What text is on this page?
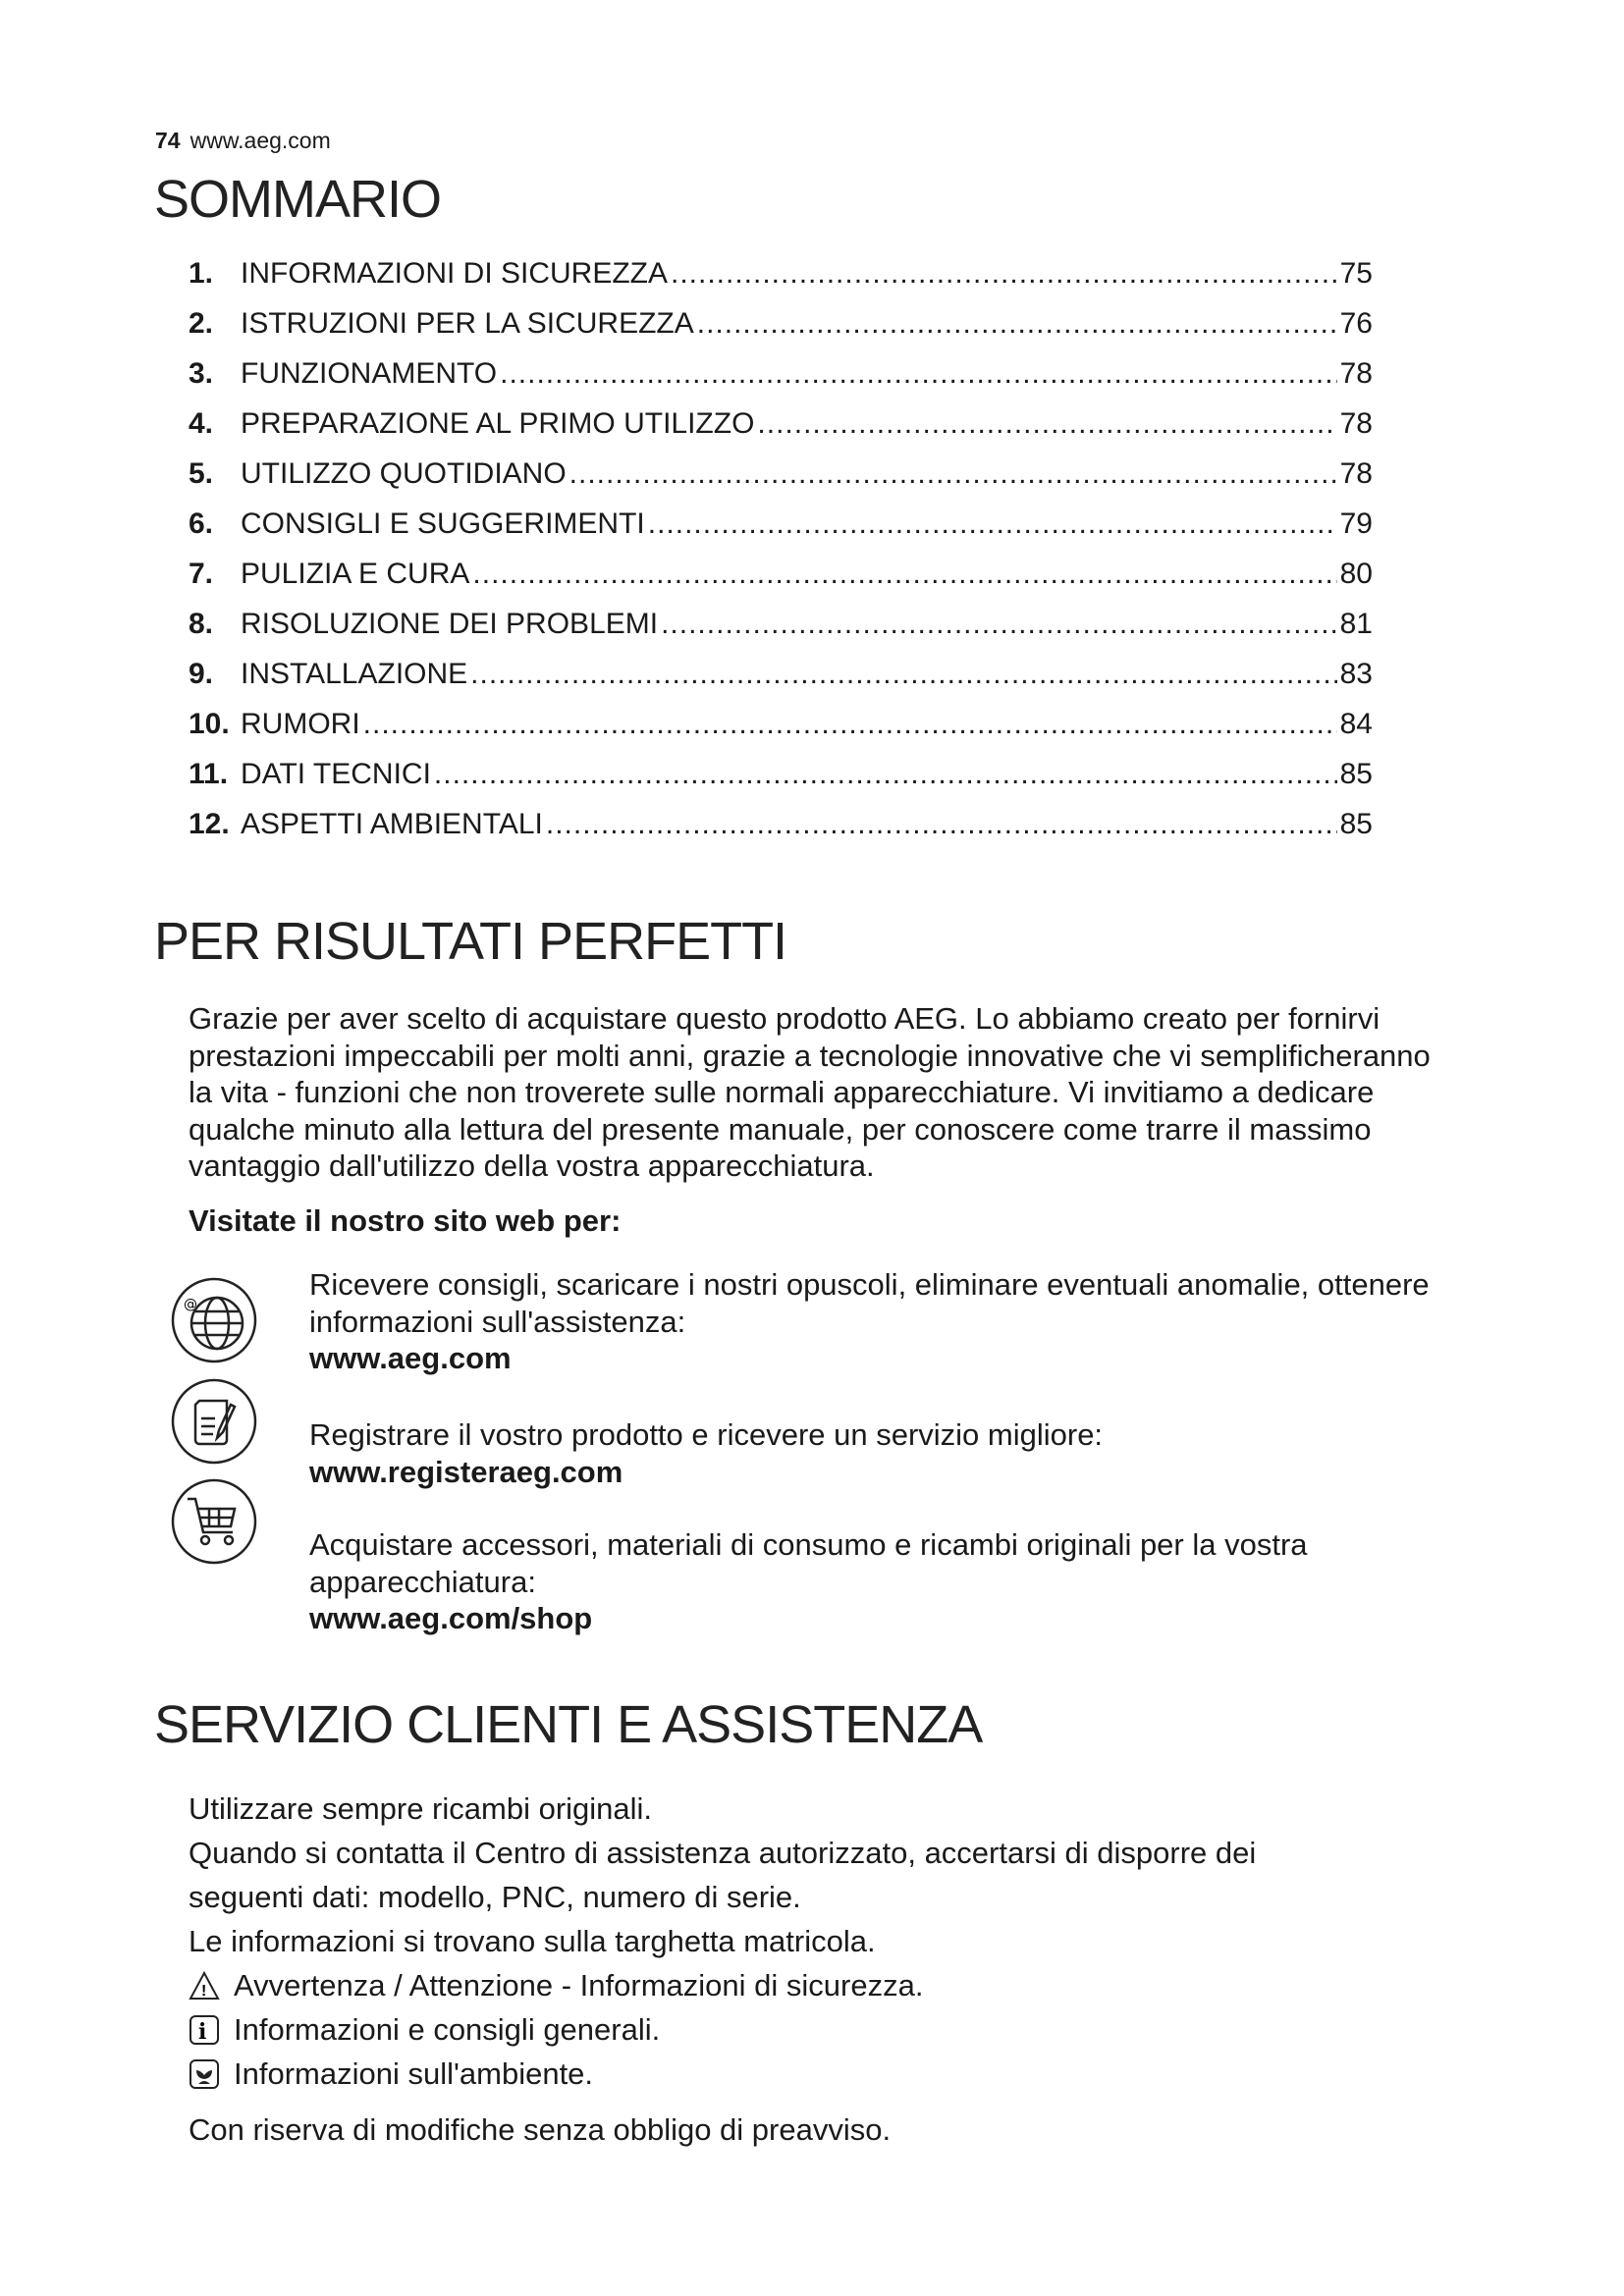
74 www.aeg.com
SOMMARIO
1. INFORMAZIONI DI SICUREZZA .....	75
2. ISTRUZIONI PER LA SICUREZZA .....	76
3. FUNZIONAMENTO .....	78
4. PREPARAZIONE AL PRIMO UTILIZZO .....	78
5. UTILIZZO QUOTIDIANO .....	78
6. CONSIGLI E SUGGERIMENTI .....	79
7. PULIZIA E CURA .....	80
8. RISOLUZIONE DEI PROBLEMI .....	81
9. INSTALLAZIONE .....	83
10. RUMORI .....	84
11. DATI TECNICI .....	85
12. ASPETTI AMBIENTALI .....	85
PER RISULTATI PERFETTI
Grazie per aver scelto di acquistare questo prodotto AEG. Lo abbiamo creato per fornirvi prestazioni impeccabili per molti anni, grazie a tecnologie innovative che vi semplificheranno la vita - funzioni che non troverete sulle normali apparecchiature. Vi invitiamo a dedicare qualche minuto alla lettura del presente manuale, per conoscere come trarre il massimo vantaggio dall'utilizzo della vostra apparecchiatura.
Visitate il nostro sito web per:
@
Ricevere consigli, scaricare i nostri opuscoli, eliminare eventuali anomalie, ottenere informazioni sull'assistenza:
www.aeg.com
Registrare il vostro prodotto e ricevere un servizio migliore:
www.registeraeg.com
Acquistare accessori, materiali di consumo e ricambi originali per la vostra apparecchiatura:
www.aeg.com/shop
SERVIZIO CLIENTI E ASSISTENZA
Utilizzare sempre ricambi originali.
Quando si contatta il Centro di assistenza autorizzato, accertarsi di disporre dei seguenti dati: modello, PNC, numero di serie.
Le informazioni si trovano sulla targhetta matricola.
! Avvertenza / Attenzione - Informazioni di sicurezza.
i Informazioni e consigli generali.
Informazioni sull'ambiente.
Con riserva di modifiche senza obbligo di preavviso.
